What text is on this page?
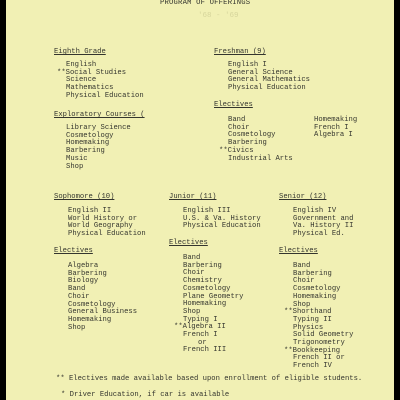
PROGRAM OF OFFERINGS
'68 - '69
Eighth Grade
English
**Social Studies
Science
Mathematics
Physical Education
Exploratory Courses (
Library Science
Cosmetology
Homemaking
Barbering
Music
Shop
Freshman (9)
English I
General Science
General Mathematics
Physical Education
Electives
Band
Choir
Cosmetology
Barbering
**Civics
Industrial Arts
Homemaking
French I
Algebra I
Sophomore (10)
English II
World History or
World Geography
Physical Education
Electives
Algebra
Barbering
Biology
Band
Choir
Cosmetology
General Business
Homemaking
Shop
Junior (11)
English III
U.S. & Va. History
Physical Education
Electives
Band
Barbering
Choir
Chemistry
Cosmetology
Plane Geometry
Homemaking
Shop
Typing I
**Algebra II
French I
or
French III
Senior (12)
English IV
Government and
Va. History II
Physical Ed.
Electives
Band
Barbering
Choir
Cosmetology
Homemaking
Shop
**Shorthand
Typing II
Physics
Solid Geometry
Trigonometry
**Bookkeeping
French II or
French IV
** Electives made available based upon enrollment of eligible students.
* Driver Education, if car is available
